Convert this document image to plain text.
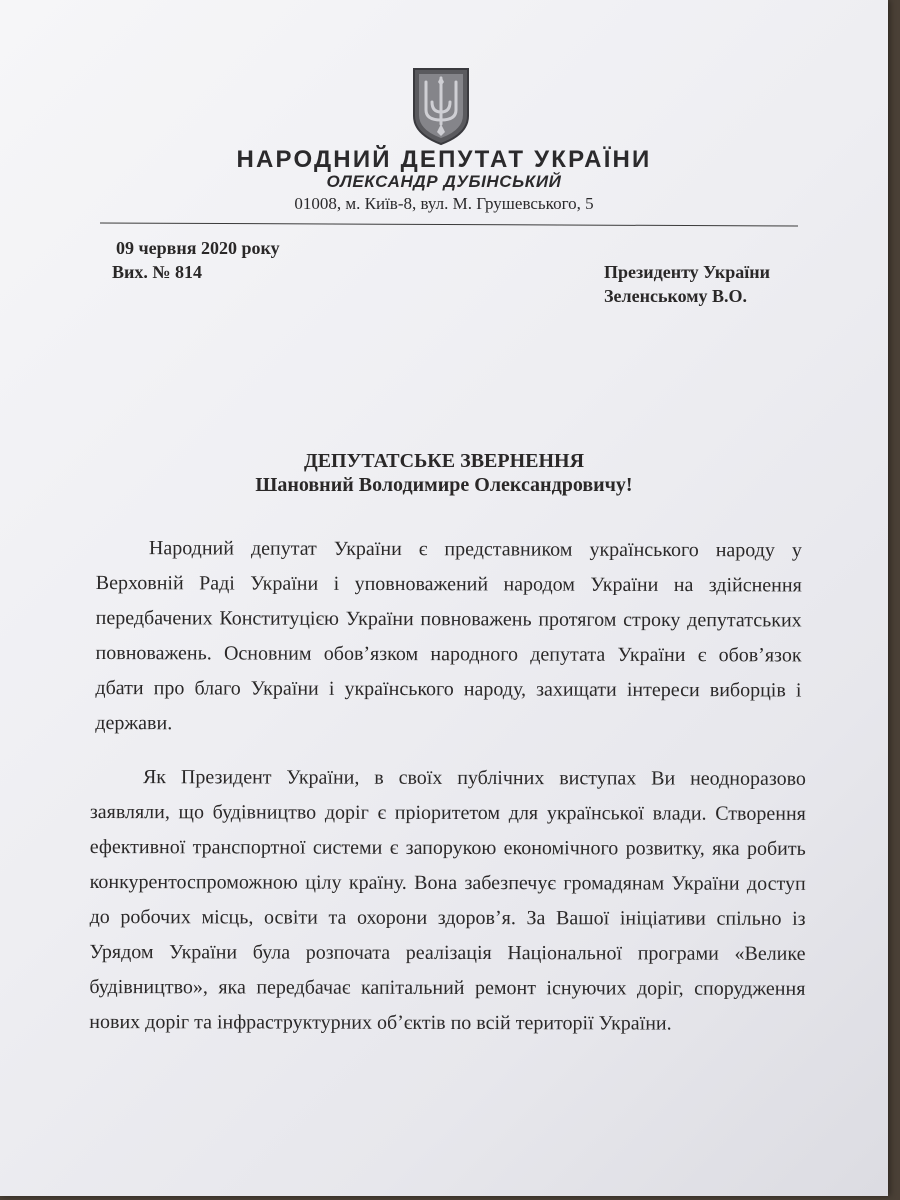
НАРОДНИЙ ДЕПУТАТ УКРАЇНИ
ОЛЕКСАНДР ДУБІНСЬКИЙ
01008, м. Київ-8, вул. М. Грушевського, 5
09 червня 2020 року
Вих. № 814	Президенту України
Зеленському В.О.
ДЕПУТАТСЬКЕ ЗВЕРНЕННЯ
Шановний Володимире Олександровичу!

Народний депутат України є представником українського народу у Верховній Раді України і уповноважений народом України на здійснення передбачених Конституцією України повноважень протягом строку депутатських повноважень. Основним обов’язком народного депутата України є обов’язок дбати про благо України і українського народу, захищати інтереси виборців і держави.

Як Президент України, в своїх публічних виступах Ви неодноразово заявляли, що будівництво доріг є пріоритетом для української влади. Створення ефективної транспортної системи є запорукою економічного розвитку, яка робить конкурентоспроможною цілу країну. Вона забезпечує громадянам України доступ до робочих місць, освіти та охорони здоров’я. За Вашої ініціативи спільно із Урядом України була розпочата реалізація Національної програми «Велике будівництво», яка передбачає капітальний ремонт існуючих доріг, спорудження нових доріг та інфраструктурних об’єктів по всій території України.
